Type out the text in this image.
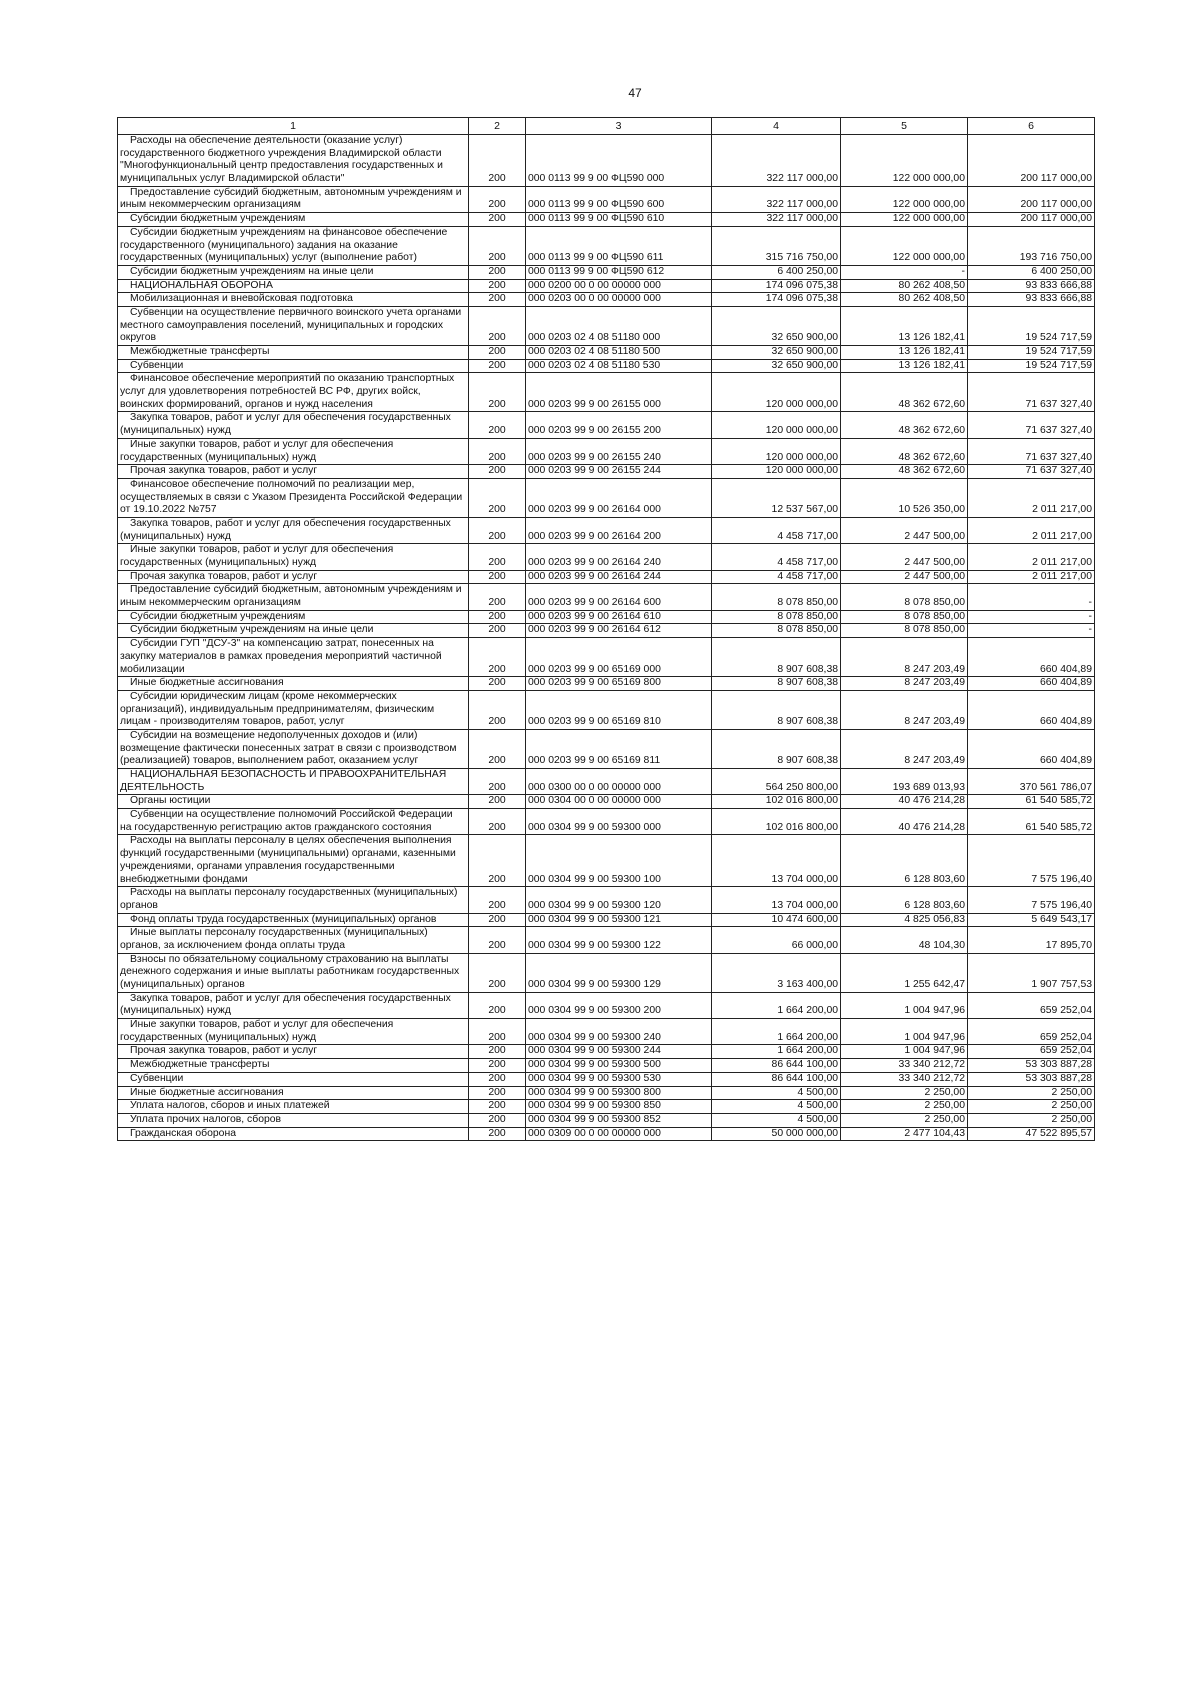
47
1	2	3	4	5	6

Расходы на обеспечение деятельности (оказание услуг) государственного бюджетного учреждения Владимирской области "Многофункциональный центр предоставления государственных и муниципальных услуг Владимирской области"	200	000 0113 99 9 00 ФЦ590 000	322 117 000,00	122 000 000,00	200 117 000,00

Предоставление субсидий бюджетным, автономным учреждениям и иным некоммерческим организациям	200	000 0113 99 9 00 ФЦ590 600	322 117 000,00	122 000 000,00	200 117 000,00

Субсидии бюджетным учреждениям	200	000 0113 99 9 00 ФЦ590 610	322 117 000,00	122 000 000,00	200 117 000,00

Субсидии бюджетным учреждениям на финансовое обеспечение государственного (муниципального) задания на оказание государственных (муниципальных) услуг (выполнение работ)	200	000 0113 99 9 00 ФЦ590 611	315 716 750,00	122 000 000,00	193 716 750,00

Субсидии бюджетным учреждениям на иные цели	200	000 0113 99 9 00 ФЦ590 612	6 400 250,00	-	6 400 250,00

НАЦИОНАЛЬНАЯ ОБОРОНА	200	000 0200 00 0 00 00000 000	174 096 075,38	80 262 408,50	93 833 666,88

Мобилизационная и вневойсковая подготовка	200	000 0203 00 0 00 00000 000	174 096 075,38	80 262 408,50	93 833 666,88

Субвенции на осуществление первичного воинского учета органами местного самоуправления поселений, муниципальных и городских округов	200	000 0203 02 4 08 51180 000	32 650 900,00	13 126 182,41	19 524 717,59

Межбюджетные трансферты	200	000 0203 02 4 08 51180 500	32 650 900,00	13 126 182,41	19 524 717,59

Субвенции	200	000 0203 02 4 08 51180 530	32 650 900,00	13 126 182,41	19 524 717,59

Финансовое обеспечение мероприятий по оказанию транспортных услуг для удовлетворения потребностей ВС РФ, других войск, воинских формирований, органов и нужд населения	200	000 0203 99 9 00 26155 000	120 000 000,00	48 362 672,60	71 637 327,40

Закупка товаров, работ и услуг для обеспечения государственных (муниципальных) нужд	200	000 0203 99 9 00 26155 200	120 000 000,00	48 362 672,60	71 637 327,40

Иные закупки товаров, работ и услуг для обеспечения государственных (муниципальных) нужд	200	000 0203 99 9 00 26155 240	120 000 000,00	48 362 672,60	71 637 327,40

Прочая закупка товаров, работ и услуг	200	000 0203 99 9 00 26155 244	120 000 000,00	48 362 672,60	71 637 327,40

Финансовое обеспечение полномочий по реализации мер, осуществляемых в связи с Указом Президента Российской Федерации от 19.10.2022 №757	200	000 0203 99 9 00 26164 000	12 537 567,00	10 526 350,00	2 011 217,00

Закупка товаров, работ и услуг для обеспечения государственных (муниципальных) нужд	200	000 0203 99 9 00 26164 200	4 458 717,00	2 447 500,00	2 011 217,00

Иные закупки товаров, работ и услуг для обеспечения государственных (муниципальных) нужд	200	000 0203 99 9 00 26164 240	4 458 717,00	2 447 500,00	2 011 217,00

Прочая закупка товаров, работ и услуг	200	000 0203 99 9 00 26164 244	4 458 717,00	2 447 500,00	2 011 217,00

Предоставление субсидий бюджетным, автономным учреждениям и иным некоммерческим организациям	200	000 0203 99 9 00 26164 600	8 078 850,00	8 078 850,00	-

Субсидии бюджетным учреждениям	200	000 0203 99 9 00 26164 610	8 078 850,00	8 078 850,00	-

Субсидии бюджетным учреждениям на иные цели	200	000 0203 99 9 00 26164 612	8 078 850,00	8 078 850,00	-

Субсидии ГУП "ДСУ-3" на компенсацию затрат, понесенных на закупку материалов в рамках проведения мероприятий частичной мобилизации	200	000 0203 99 9 00 65169 000	8 907 608,38	8 247 203,49	660 404,89

Иные бюджетные ассигнования	200	000 0203 99 9 00 65169 800	8 907 608,38	8 247 203,49	660 404,89

Субсидии юридическим лицам (кроме некоммерческих организаций), индивидуальным предпринимателям, физическим лицам - производителям товаров, работ, услуг	200	000 0203 99 9 00 65169 810	8 907 608,38	8 247 203,49	660 404,89

Субсидии на возмещение недополученных доходов и (или) возмещение фактически понесенных затрат в связи с производством (реализацией) товаров, выполнением работ, оказанием услуг	200	000 0203 99 9 00 65169 811	8 907 608,38	8 247 203,49	660 404,89

НАЦИОНАЛЬНАЯ БЕЗОПАСНОСТЬ И ПРАВООХРАНИТЕЛЬНАЯ ДЕЯТЕЛЬНОСТЬ	200	000 0300 00 0 00 00000 000	564 250 800,00	193 689 013,93	370 561 786,07

Органы юстиции	200	000 0304 00 0 00 00000 000	102 016 800,00	40 476 214,28	61 540 585,72

Субвенции на осуществление полномочий Российской Федерации на государственную регистрацию актов гражданского состояния	200	000 0304 99 9 00 59300 000	102 016 800,00	40 476 214,28	61 540 585,72

Расходы на выплаты персоналу в целях обеспечения выполнения функций государственными (муниципальными) органами, казенными учреждениями, органами управления государственными внебюджетными фондами	200	000 0304 99 9 00 59300 100	13 704 000,00	6 128 803,60	7 575 196,40

Расходы на выплаты персоналу государственных (муниципальных) органов	200	000 0304 99 9 00 59300 120	13 704 000,00	6 128 803,60	7 575 196,40

Фонд оплаты труда государственных (муниципальных) органов	200	000 0304 99 9 00 59300 121	10 474 600,00	4 825 056,83	5 649 543,17

Иные выплаты персоналу государственных (муниципальных) органов, за исключением фонда оплаты труда	200	000 0304 99 9 00 59300 122	66 000,00	48 104,30	17 895,70

Взносы по обязательному социальному страхованию на выплаты денежного содержания и иные выплаты работникам государственных (муниципальных) органов	200	000 0304 99 9 00 59300 129	3 163 400,00	1 255 642,47	1 907 757,53

Закупка товаров, работ и услуг для обеспечения государственных (муниципальных) нужд	200	000 0304 99 9 00 59300 200	1 664 200,00	1 004 947,96	659 252,04

Иные закупки товаров, работ и услуг для обеспечения государственных (муниципальных) нужд	200	000 0304 99 9 00 59300 240	1 664 200,00	1 004 947,96	659 252,04

Прочая закупка товаров, работ и услуг	200	000 0304 99 9 00 59300 244	1 664 200,00	1 004 947,96	659 252,04

Межбюджетные трансферты	200	000 0304 99 9 00 59300 500	86 644 100,00	33 340 212,72	53 303 887,28

Субвенции	200	000 0304 99 9 00 59300 530	86 644 100,00	33 340 212,72	53 303 887,28

Иные бюджетные ассигнования	200	000 0304 99 9 00 59300 800	4 500,00	2 250,00	2 250,00

Уплата налогов, сборов и иных платежей	200	000 0304 99 9 00 59300 850	4 500,00	2 250,00	2 250,00

Уплата прочих налогов, сборов	200	000 0304 99 9 00 59300 852	4 500,00	2 250,00	2 250,00

Гражданская оборона	200	000 0309 00 0 00 00000 000	50 000 000,00	2 477 104,43	47 522 895,57
